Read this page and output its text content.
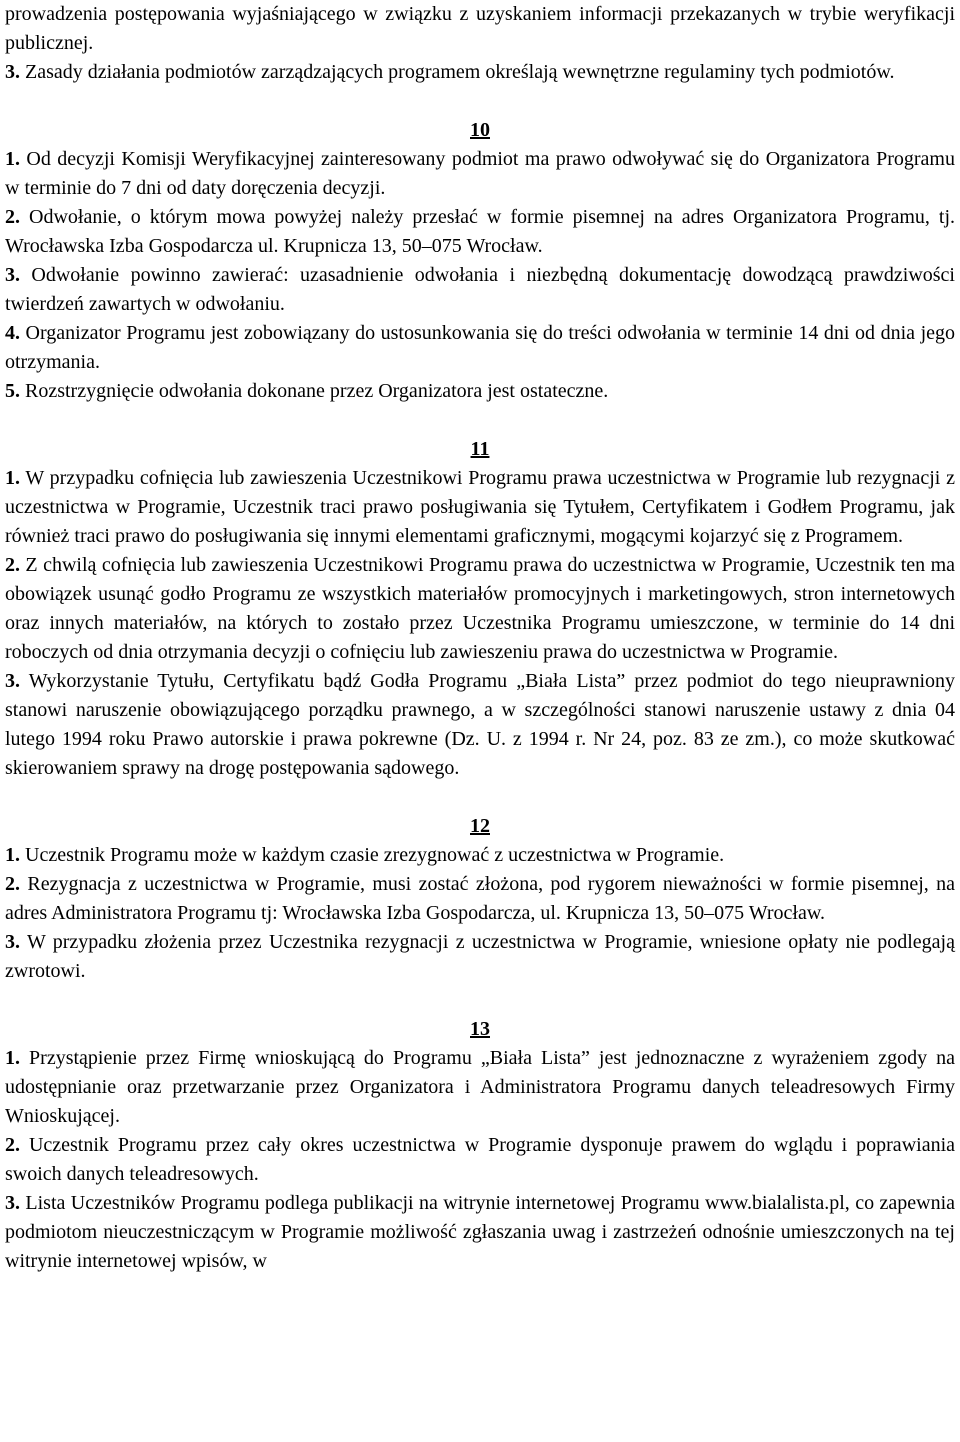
prowadzenia postępowania wyjaśniającego w związku z uzyskaniem informacji przekazanych w trybie weryfikacji publicznej.

3. Zasady działania podmiotów zarządzających programem określają wewnętrzne regulaminy tych podmiotów.

10

1. Od decyzji Komisji Weryfikacyjnej zainteresowany podmiot ma prawo odwoływać się do Organizatora Programu w terminie do 7 dni od daty doręczenia decyzji.

2. Odwołanie, o którym mowa powyżej należy przesłać w formie pisemnej na adres Organizatora Programu, tj. Wrocławska Izba Gospodarcza ul. Krupnicza 13, 50–075 Wrocław.

3. Odwołanie powinno zawierać: uzasadnienie odwołania i niezbędną dokumentację dowodzącą prawdziwości twierdzeń zawartych w odwołaniu.

4. Organizator Programu jest zobowiązany do ustosunkowania się do treści odwołania w terminie 14 dni od dnia jego otrzymania.

5. Rozstrzygnięcie odwołania dokonane przez Organizatora jest ostateczne.

11

1. W przypadku cofnięcia lub zawieszenia Uczestnikowi Programu prawa uczestnictwa w Programie lub rezygnacji z uczestnictwa w Programie, Uczestnik traci prawo posługiwania się Tytułem, Certyfikatem i Godłem Programu, jak również traci prawo do posługiwania się innymi elementami graficznymi, mogącymi kojarzyć się z Programem.

2. Z chwilą cofnięcia lub zawieszenia Uczestnikowi Programu prawa do uczestnictwa w Programie, Uczestnik ten ma obowiązek usunąć godło Programu ze wszystkich materiałów promocyjnych i marketingowych, stron internetowych oraz innych materiałów, na których to zostało przez Uczestnika Programu umieszczone, w terminie do 14 dni roboczych od dnia otrzymania decyzji o cofnięciu lub zawieszeniu prawa do uczestnictwa w Programie.

3. Wykorzystanie Tytułu, Certyfikatu bądź Godła Programu „Biała Lista” przez podmiot do tego nieuprawniony stanowi naruszenie obowiązującego porządku prawnego, a w szczególności stanowi naruszenie ustawy z dnia 04 lutego 1994 roku Prawo autorskie i prawa pokrewne (Dz. U. z 1994 r. Nr 24, poz. 83 ze zm.), co może skutkować skierowaniem sprawy na drogę postępowania sądowego.

12

1. Uczestnik Programu może w każdym czasie zrezygnować z uczestnictwa w Programie.

2. Rezygnacja z uczestnictwa w Programie, musi zostać złożona, pod rygorem nieważności w formie pisemnej, na adres Administratora Programu tj: Wrocławska Izba Gospodarcza, ul. Krupnicza 13, 50–075 Wrocław.

3. W przypadku złożenia przez Uczestnika rezygnacji z uczestnictwa w Programie, wniesione opłaty nie podlegają zwrotowi.

13

1. Przystąpienie przez Firmę wnioskującą do Programu „Biała Lista” jest jednoznaczne z wyrażeniem zgody na udostępnianie oraz przetwarzanie przez Organizatora i Administratora Programu danych teleadresowych Firmy Wnioskującej.

2. Uczestnik Programu przez cały okres uczestnictwa w Programie dysponuje prawem do wglądu i poprawiania swoich danych teleadresowych.

3. Lista Uczestników Programu podlega publikacji na witrynie internetowej Programu www.bialalista.pl, co zapewnia podmiotom nieuczestniczącym w Programie możliwość zgłaszania uwag i zastrzeżeń odnośnie umieszczonych na tej witrynie internetowej wpisów, w
